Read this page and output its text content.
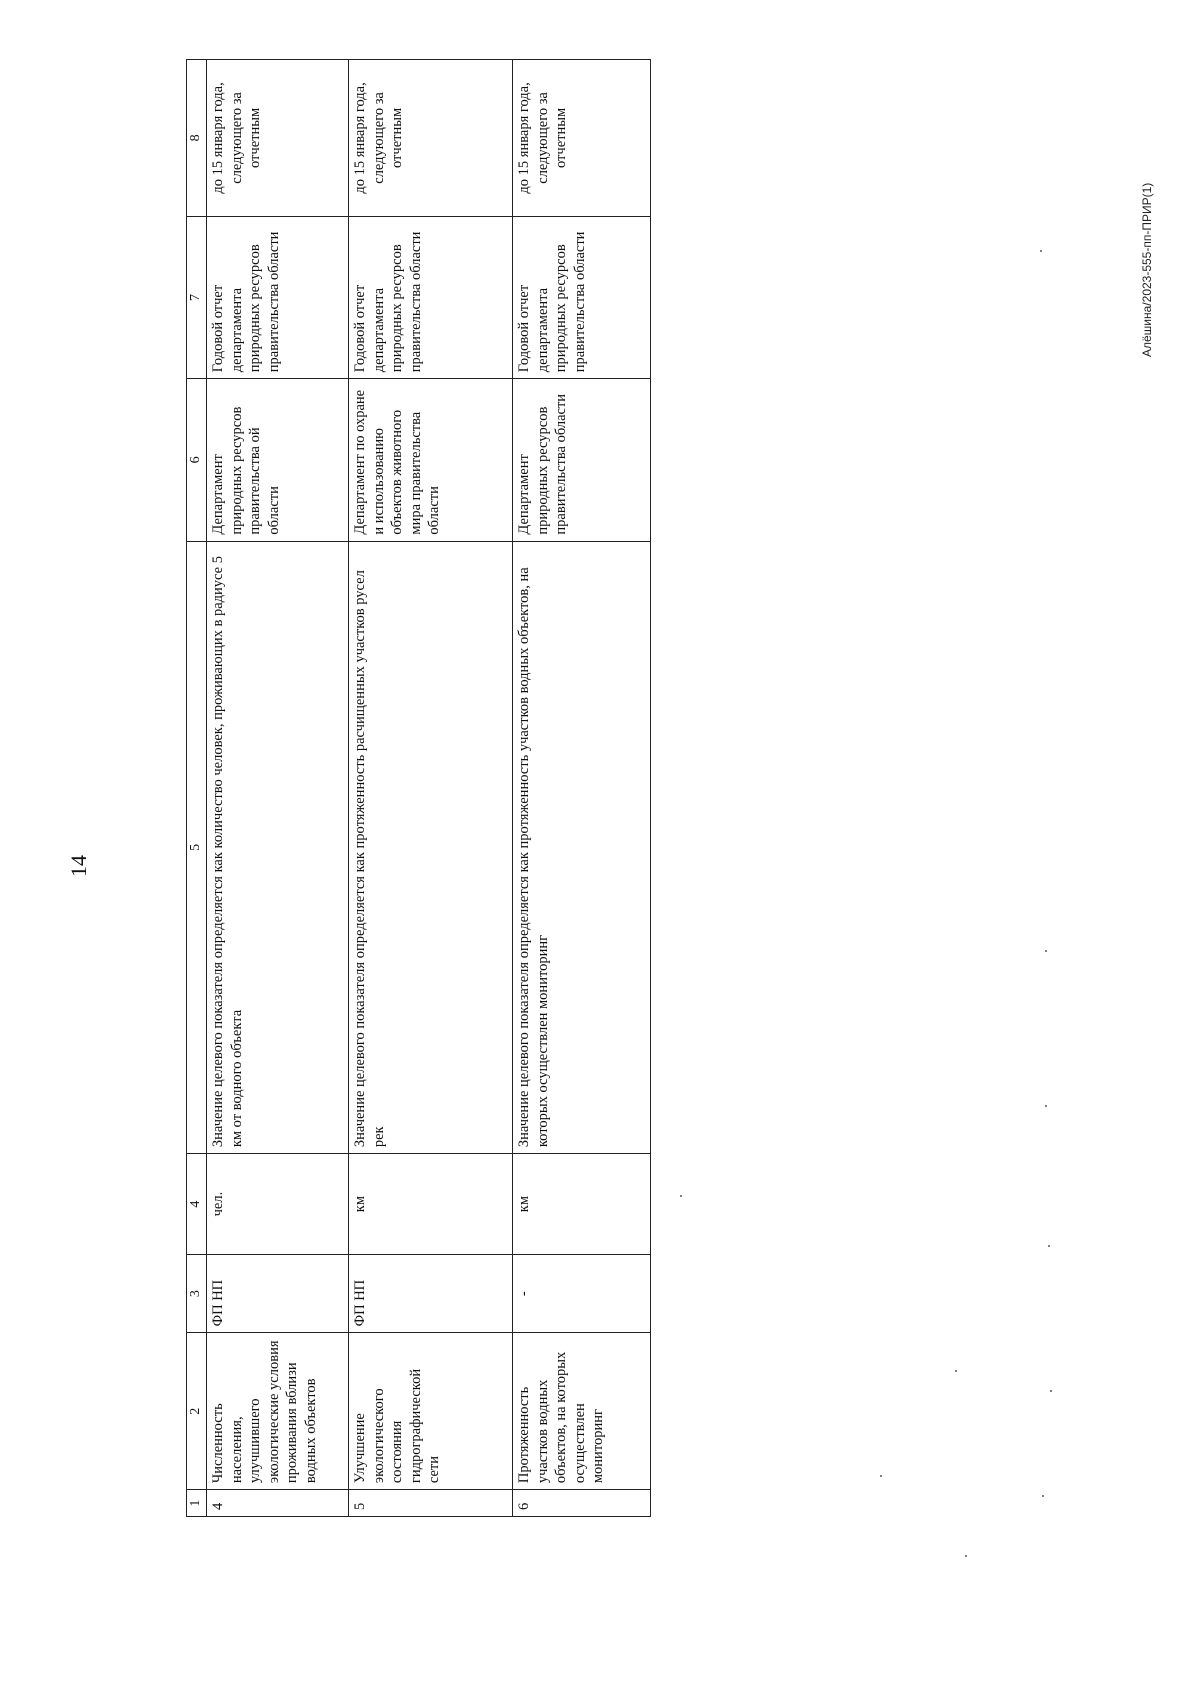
14
1	2	3	4	5	6	7	8
4	Численность населения, улучшившего экологические условия проживания вблизи водных объектов	ФП НП	чел.	Значение целевого показателя определяется как количество человек, проживающих в радиусе 5 км от водного объекта	Департамент природных ресурсов правительства ой области	Годовой отчет департамента природных ресурсов правительства области	до 15 января года, следующего за отчетным
5	Улучшение экологического состояния гидрографической сети	ФП НП	км	Значение целевого показателя определяется как протяженность расчищенных участков русел рек	Департамент по охране и использованию объектов животного мира правительства области	Годовой отчет департамента природных ресурсов правительства области	до 15 января года, следующего за отчетным
6	Протяженность участков водных объектов, на которых осуществлен мониторинг	-	км	Значение целевого показателя определяется как протяженность участков водных объектов, на которых осуществлен мониторинг	Департамент природных ресурсов правительства области	Годовой отчет департамента природных ресурсов правительства области	до 15 января года, следующего за отчетным
Алёшина/2023-555-пп-ПРИР(1)
